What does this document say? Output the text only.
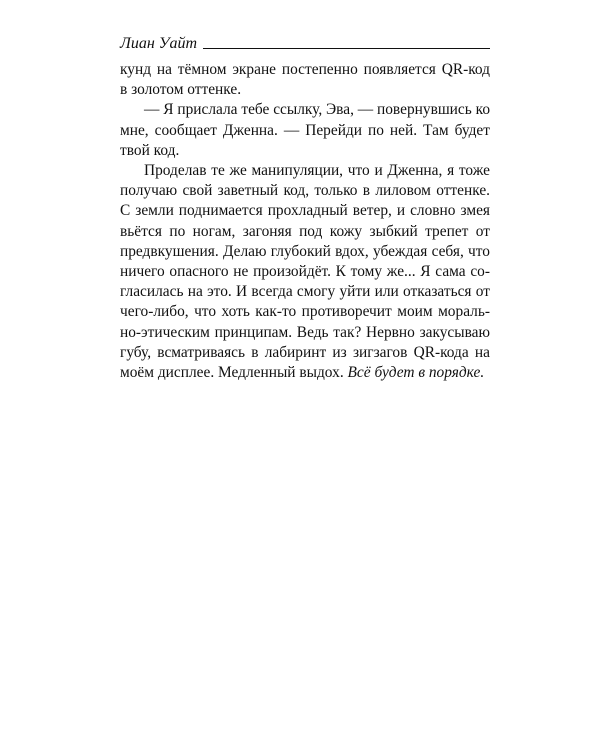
Лиан Уайт

кунд на тёмном экране постепенно появляется QR-код
в золотом оттенке.

— Я прислала тебе ссылку, Эва, — повернувшись ко
мне, сообщает Дженна. — Перейди по ней. Там будет
твой код.

Проделав те же манипуляции, что и Дженна, я тоже
получаю свой заветный код, только в лиловом оттенке.
С земли поднимается прохладный ветер, и словно змея
вьётся по ногам, загоняя под кожу зыбкий трепет от
предвкушения. Делаю глубокий вдох, убеждая себя, что
ничего опасного не произойдёт. К тому же... Я сама со-
гласилась на это. И всегда смогу уйти или отказаться от
чего-либо, что хоть как-то противоречит моим мораль-
но-этическим принципам. Ведь так? Нервно закусываю
губу, всматриваясь в лабиринт из зигзагов QR-кода на
моём дисплее. Медленный выдох. Всё будет в порядке.
